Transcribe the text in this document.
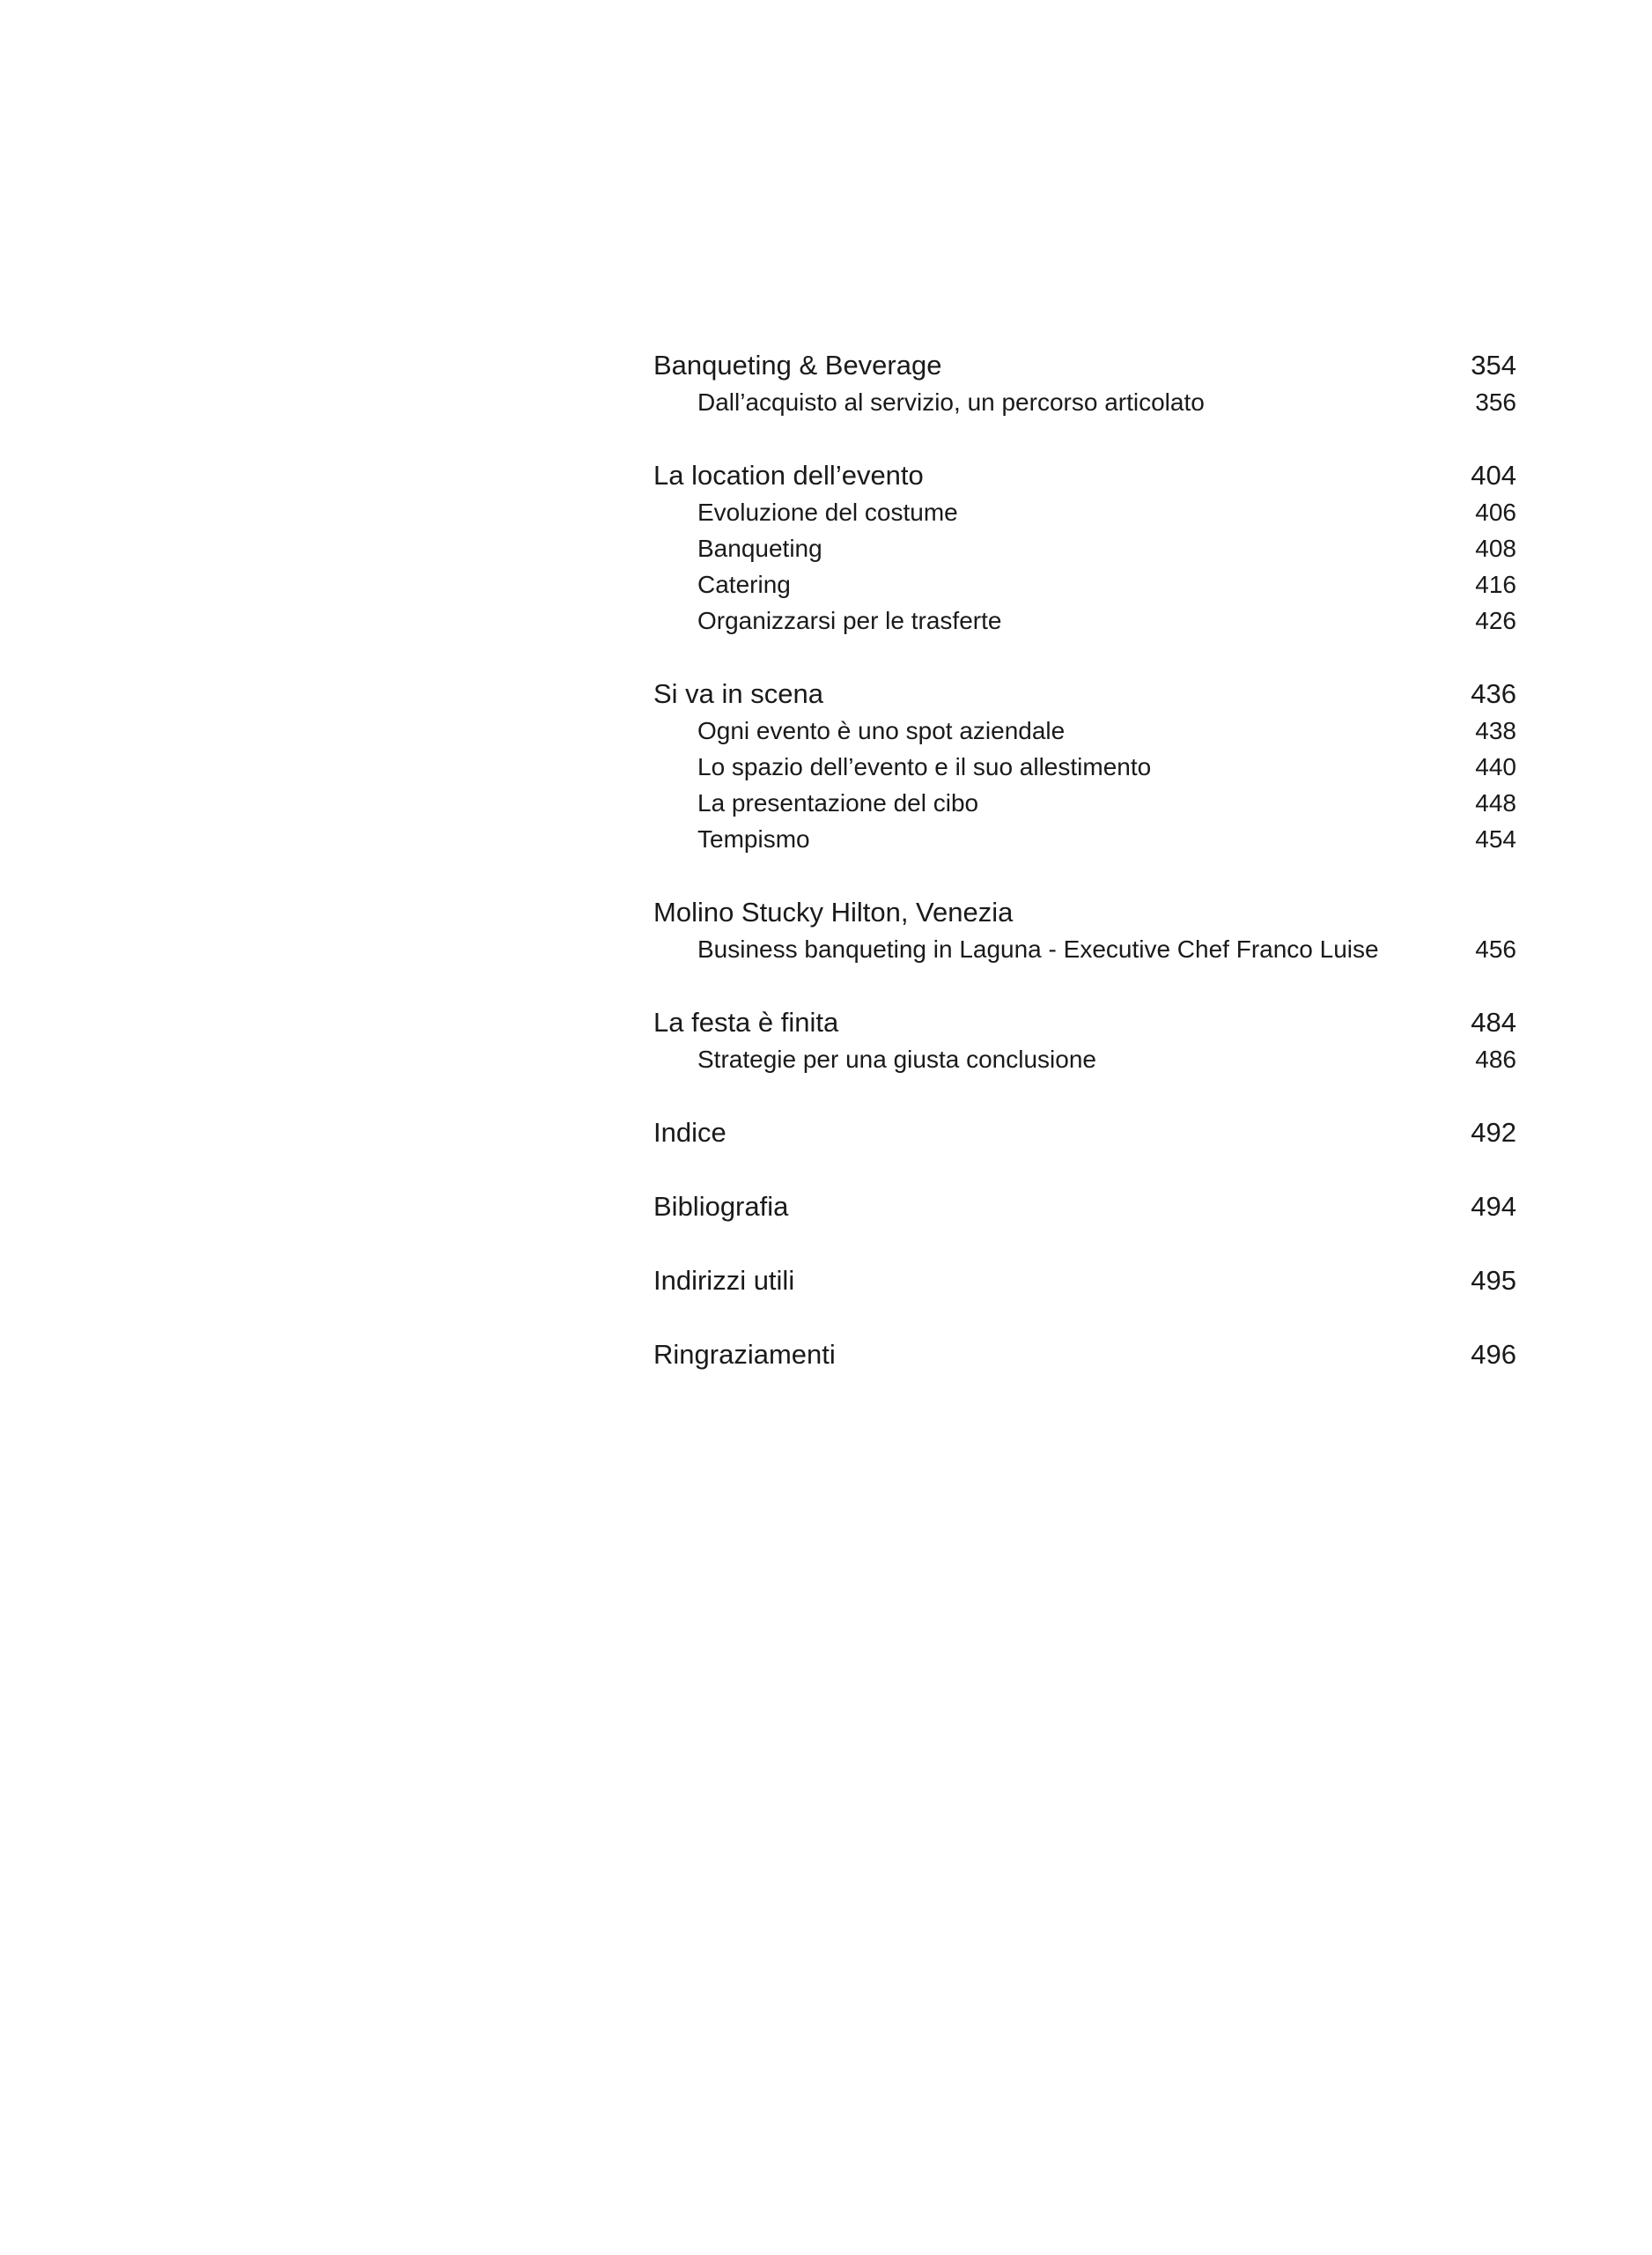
Banqueting & Beverage	354
Dall’acquisto al servizio, un percorso articolato	356
La location dell’evento	404
Evoluzione del costume	406
Banqueting	408
Catering	416
Organizzarsi per le trasferte	426
Si va in scena	436
Ogni evento è uno spot aziendale	438
Lo spazio dell’evento e il suo allestimento	440
La presentazione del cibo	448
Tempismo	454
Molino Stucky Hilton, Venezia
Business banqueting in Laguna - Executive Chef Franco Luise	456
La festa è finita	484
Strategie per una giusta conclusione	486
Indice	492
Bibliografia	494
Indirizzi utili	495
Ringraziamenti	496
